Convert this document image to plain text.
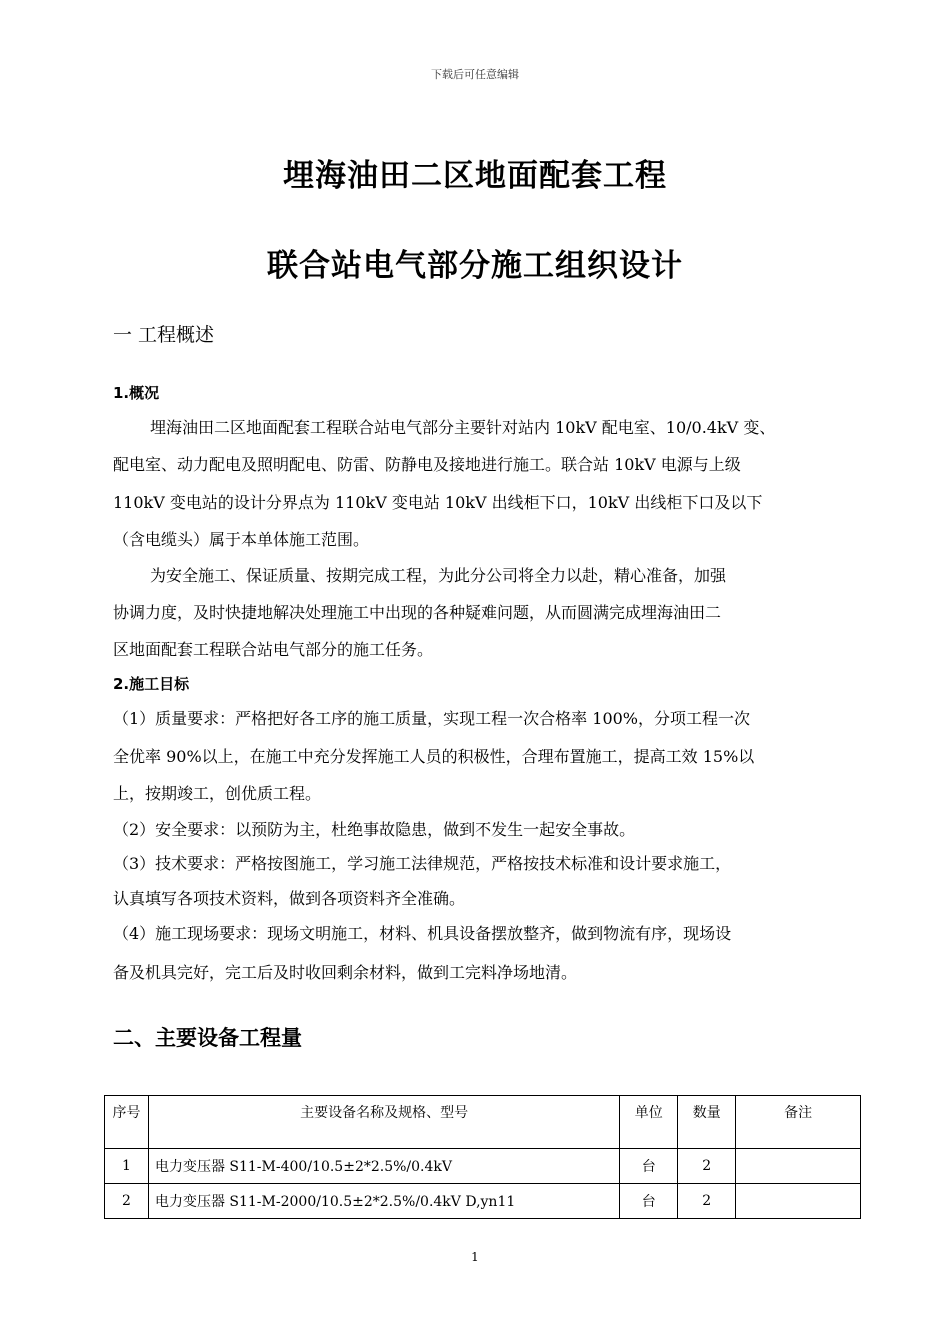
下载后可任意编辑
埋海油田二区地面配套工程
联合站电气部分施工组织设计
一 工程概述
1.概况
埋海油田二区地面配套工程联合站电气部分主要针对站内 10kV 配电室、10/0.4kV 变、
配电室、动力配电及照明配电、防雷、防静电及接地进行施工。联合站 10kV 电源与上级
110kV 变电站的设计分界点为 110kV 变电站 10kV 出线柜下口，10kV 出线柜下口及以下
（含电缆头）属于本单体施工范围。
为安全施工、保证质量、按期完成工程，为此分公司将全力以赴，精心准备，加强
协调力度，及时快捷地解决处理施工中出现的各种疑难问题，从而圆满完成埋海油田二
区地面配套工程联合站电气部分的施工任务。
2.施工目标
（1）质量要求：严格把好各工序的施工质量，实现工程一次合格率 100%，分项工程一次
全优率 90%以上，在施工中充分发挥施工人员的积极性，合理布置施工，提高工效 15%以
上，按期竣工，创优质工程。
（2）安全要求：以预防为主，杜绝事故隐患，做到不发生一起安全事故。
（3）技术要求：严格按图施工，学习施工法律规范，严格按技术标准和设计要求施工，
认真填写各项技术资料，做到各项资料齐全准确。
（4）施工现场要求：现场文明施工，材料、机具设备摆放整齐，做到物流有序，现场设
备及机具完好，完工后及时收回剩余材料，做到工完料净场地清。
二、主要设备工程量
序号	主要设备名称及规格、型号	单位	数量	备注
1	电力变压器 S11-M-400/10.5±2*2.5%/0.4kV	台	2	
2	电力变压器 S11-M-2000/10.5±2*2.5%/0.4kV D,yn11	台	2	
1
